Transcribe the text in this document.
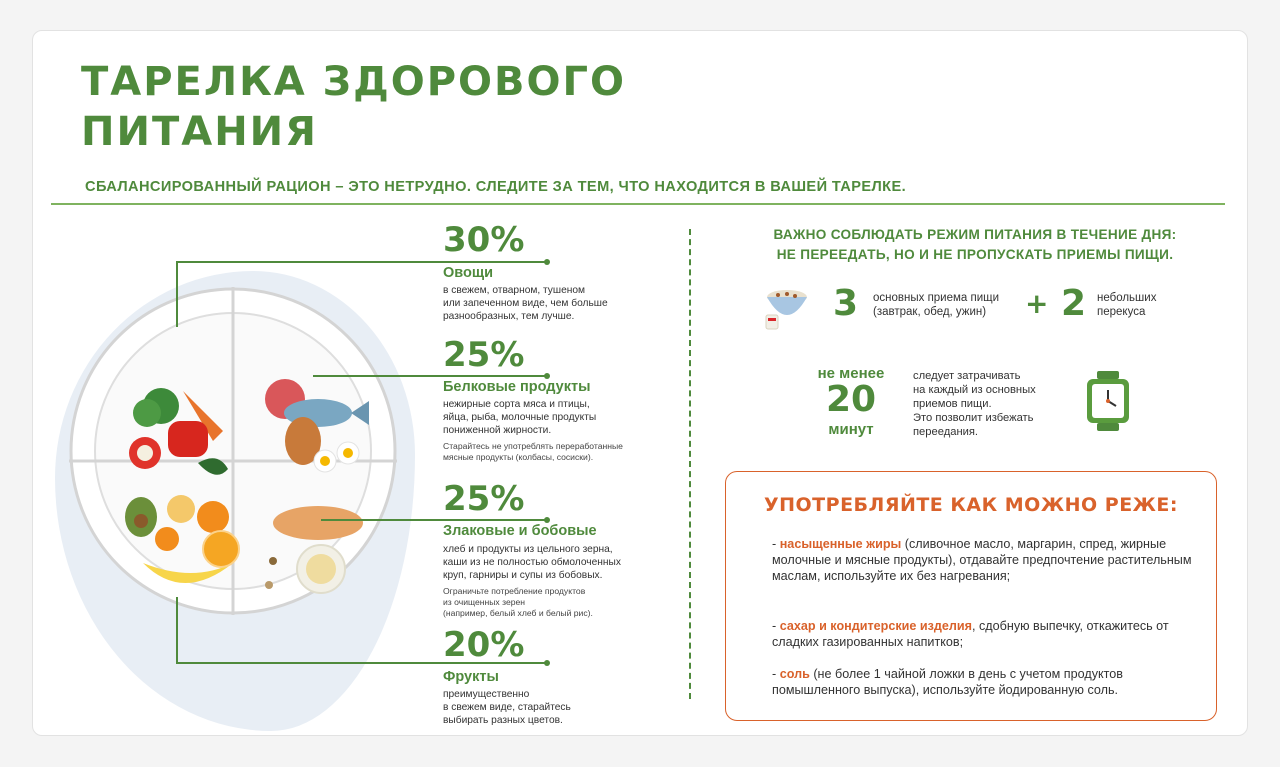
ТАРЕЛКА ЗДОРОВОГО
ПИТАНИЯ
СБАЛАНСИРОВАННЫЙ РАЦИОН – ЭТО НЕТРУДНО. СЛЕДИТЕ ЗА ТЕМ, ЧТО НАХОДИТСЯ В ВАШЕЙ ТАРЕЛКЕ.
30%
Овощи
в свежем, отварном, тушеном
или запеченном виде, чем больше
разнообразных, тем лучше.
25%
Белковые продукты
нежирные сорта мяса и птицы,
яйца, рыба, молочные продукты
пониженной жирности.
Старайтесь не употреблять переработанные
мясные продукты (колбасы, сосиски).
25%
Злаковые и бобовые
хлеб и продукты из цельного зерна,
каши из не полностью обмолоченных
круп, гарниры и супы из бобовых.
Ограничьте потребление продуктов
из очищенных зерен
(например, белый хлеб и белый рис).
20%
Фрукты
преимущественно
в свежем виде, старайтесь
выбирать разных цветов.
ВАЖНО СОБЛЮДАТЬ РЕЖИМ ПИТАНИЯ В ТЕЧЕНИЕ ДНЯ:
НЕ ПЕРЕЕДАТЬ, НО И НЕ ПРОПУСКАТЬ ПРИЕМЫ ПИЩИ.
3 основных приема пищи
(завтрак, обед, ужин)	+ 2 небольших
перекуса
не менее
20
минут
следует затрачивать
на каждый из основных
приемов пищи.
Это позволит избежать
переедания.
УПОТРЕБЛЯЙТЕ КАК МОЖНО РЕЖЕ:
- насыщенные жиры (сливочное масло, маргарин, спред, жирные молочные и мясные продукты), отдавайте предпочтение растительным маслам, используйте их без нагревания;
- сахар и кондитерские изделия, сдобную выпечку, откажитесь от сладких газированных напитков;
- соль (не более 1 чайной ложки в день с учетом продуктов помышленного выпуска), используйте йодированную соль.
